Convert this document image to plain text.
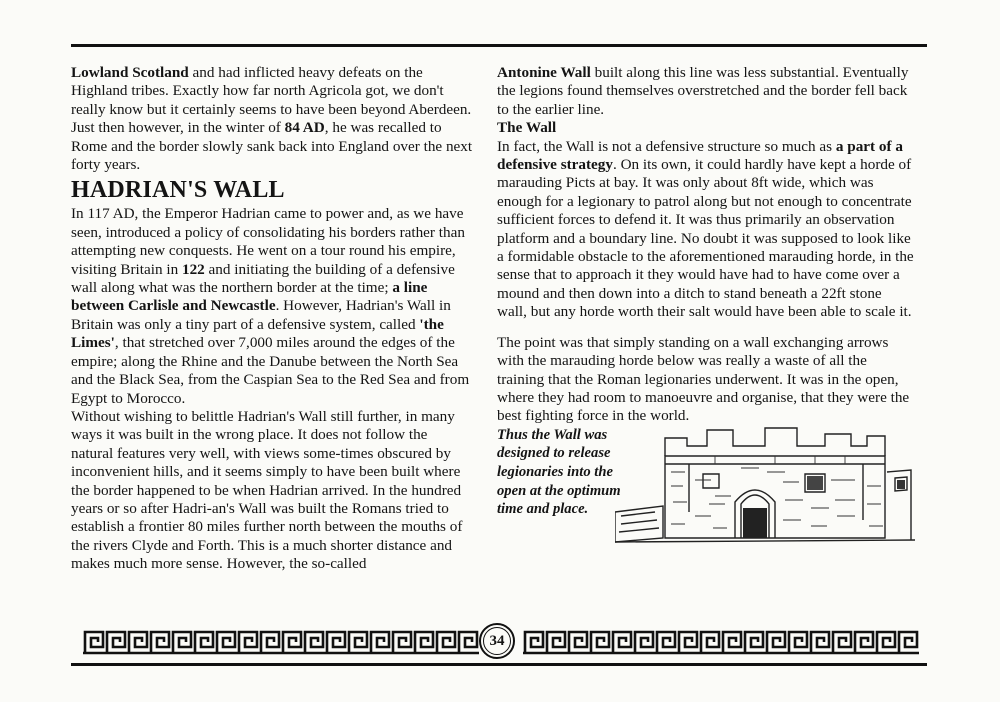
Lowland Scotland and had inflicted heavy defeats on the Highland tribes. Exactly how far north Agricola got, we don't really know but it certainly seems to have been beyond Aberdeen. Just then however, in the winter of 84 AD, he was recalled to Rome and the border slowly sank back into England over the next forty years.

HADRIAN'S WALL

In 117 AD, the Emperor Hadrian came to power and, as we have seen, introduced a policy of consolidating his borders rather than attempting new conquests. He went on a tour round his empire, visiting Britain in 122 and initiating the building of a defensive wall along what was the northern border at the time; a line between Carlisle and Newcastle. However, Hadrian's Wall in Britain was only a tiny part of a defensive system, called 'the Limes', that stretched over 7,000 miles around the edges of the empire; along the Rhine and the Danube between the North Sea and the Black Sea, from the Caspian Sea to the Red Sea and from Egypt to Morocco.

Without wishing to belittle Hadrian's Wall still further, in many ways it was built in the wrong place. It does not follow the natural features very well, with views some-times obscured by inconvenient hills, and it seems simply to have been built where the border happened to be when Hadrian arrived. In the hundred years or so after Hadri-an's Wall was built the Romans tried to establish a frontier 80 miles further north between the mouths of the rivers Clyde and Forth. This is a much shorter distance and makes much more sense. However, the so-called

Antonine Wall built along this line was less substantial. Eventually the legions found themselves overstretched and the border fell back to the earlier line.

The Wall

In fact, the Wall is not a defensive structure so much as a part of a defensive strategy. On its own, it could hardly have kept a horde of marauding Picts at bay. It was only about 8ft wide, which was enough for a legionary to patrol along but not enough to concentrate sufficient forces to defend it. It was thus primarily an observation platform and a boundary line. No doubt it was supposed to look like a formidable obstacle to the aforementioned marauding horde, in the sense that to approach it they would have had to have come over a mound and then down into a ditch to stand beneath a 22ft stone wall, but any horde worth their salt would have been able to scale it.

The point was that simply standing on a wall exchanging arrows with the marauding horde below was really a waste of all the training that the Roman legionaries underwent. It was in the open, where they had room to manoeuvre and organise, that they were the best fighting force in the world.

Thus the Wall was designed to release legionaries into the open at the optimum time and place.
34
